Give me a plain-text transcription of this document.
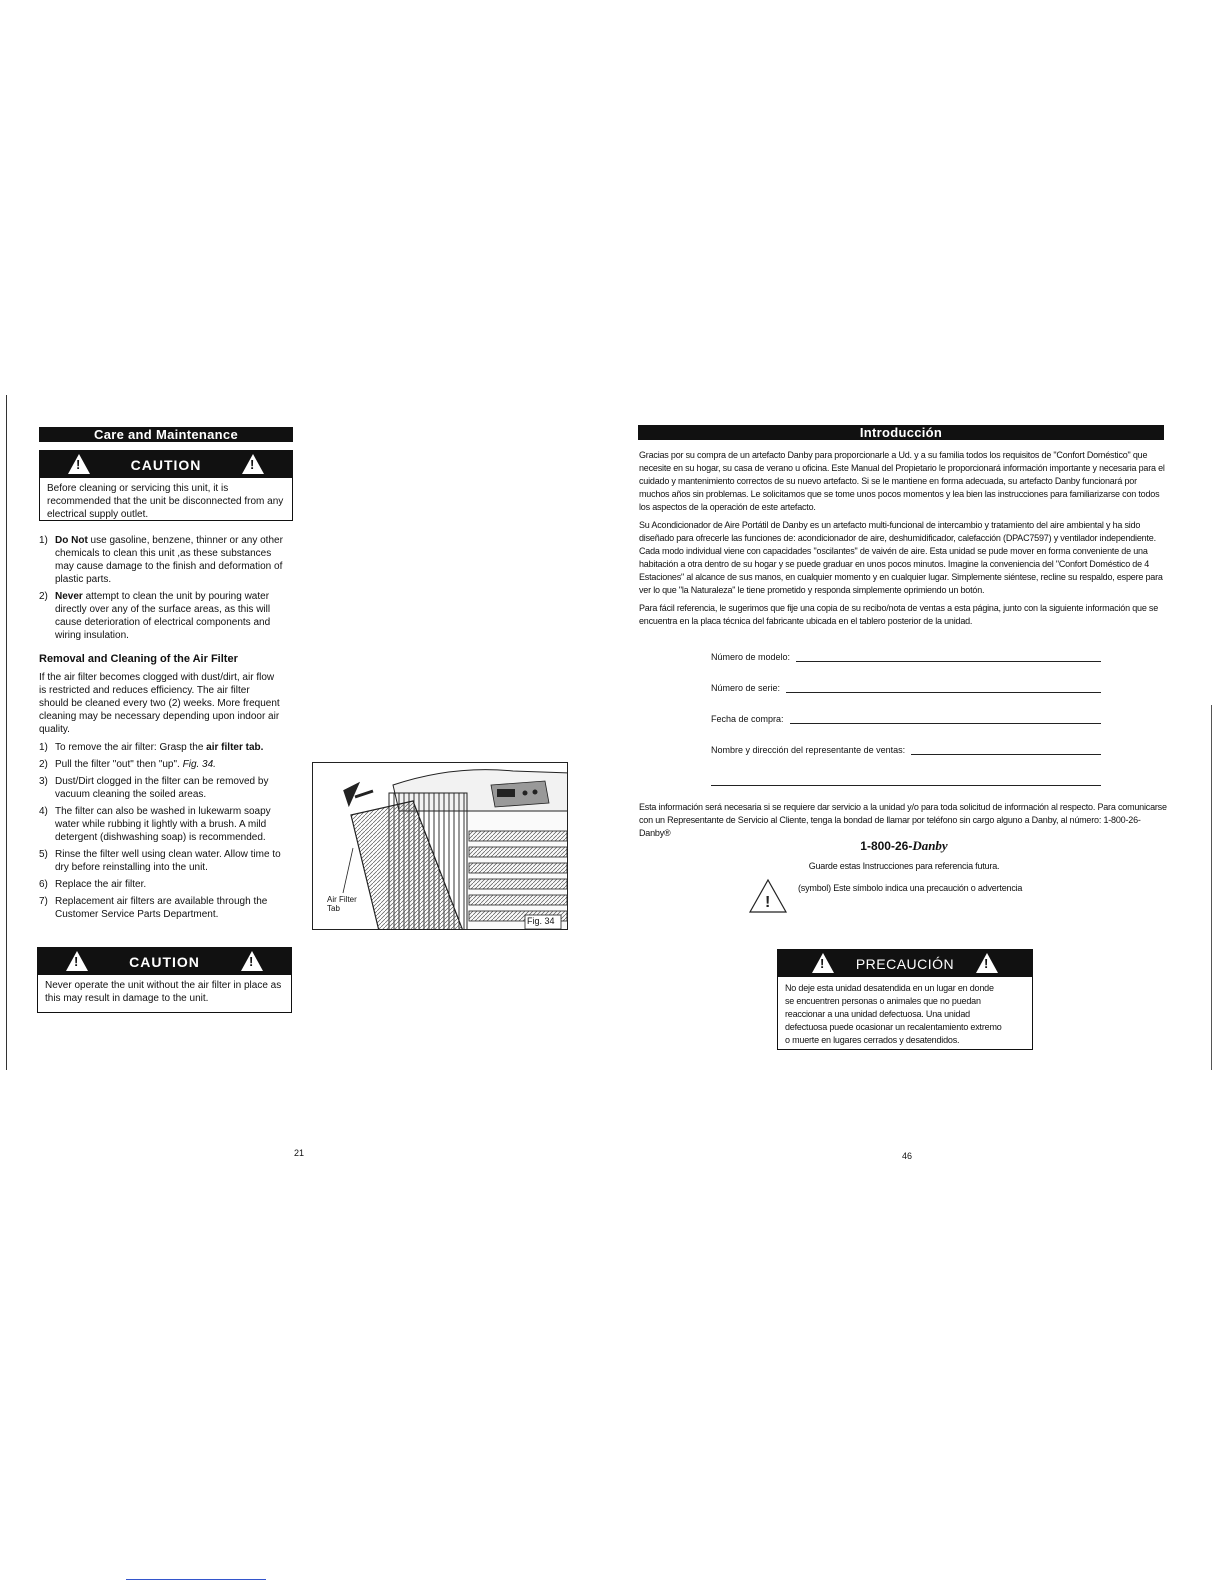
Care and Maintenance
!
CAUTION
!
Before cleaning or servicing this unit, it is recommended that the unit be disconnected from any electrical supply outlet.
1) Do Not use gasoline, benzene, thinner or any other chemicals to clean this unit ,as these substances may cause damage to the finish and deformation of plastic parts.
2) Never attempt to clean the unit by pouring water directly over any of the surface areas, as this will cause deterioration of electrical components and wiring insulation.
Removal and Cleaning of the Air Filter
If the air filter becomes clogged with dust/dirt, air flow is restricted and reduces efficiency. The air filter should be cleaned every two (2) weeks. More frequent cleaning may be necessary depending upon indoor air quality.
1) To remove the air filter: Grasp the air filter tab.
2) Pull the filter "out" then "up". Fig. 34.
3) Dust/Dirt clogged in the filter can be removed by vacuum cleaning the soiled areas.
4) The filter can also be washed in lukewarm soapy water while rubbing it lightly with a brush. A mild detergent (dishwashing soap) is recommended.
5) Rinse the filter well using clean water. Allow time to dry before reinstalling into the unit.
6) Replace the air filter.
7) Replacement air filters are available through the Customer Service Parts Department.
!
CAUTION
!
Never operate the unit without the air filter in place as this may result in damage to the unit.
Air Filter
Tab
Fig. 34
21
Introducción
Gracias por su compra de un artefacto Danby para proporcionarle a Ud. y a su familia todos los requisitos de "Confort Doméstico" que necesite en su hogar, su casa de verano u oficina. Este Manual del Propietario le proporcionará información importante y necesaria para el cuidado y mantenimiento correctos de su nuevo artefacto. Si se le mantiene en forma adecuada, su artefacto Danby funcionará por muchos años sin problemas. Le solicitamos que se tome unos pocos momentos y lea bien las instrucciones para familiarizarse con todos los aspectos de la operación de este artefacto.
Su Acondicionador de Aire Portátil de Danby es un artefacto multi-funcional de intercambio y tratamiento del aire ambiental y ha sido diseñado para ofrecerle las funciones de: acondicionador de aire, deshumidificador, calefacción (DPAC7597) y ventilador independiente. Cada modo individual viene con capacidades "oscilantes" de vaivén de aire. Esta unidad se pude mover en forma conveniente de una habitación a otra dentro de su hogar y se puede graduar en unos pocos minutos. Imagine la conveniencia del "Confort Doméstico de 4 Estaciones" al alcance de sus manos, en cualquier momento y en cualquier lugar. Simplemente siéntese, recline su respaldo, espere para ver lo que "la Naturaleza" le tiene prometido y responda simplemente oprimiendo un botón.
Para fácil referencia, le sugerimos que fije una copia de su recibo/nota de ventas a esta página, junto con la siguiente información que se encuentra en la placa técnica del fabricante ubicada en el tablero posterior de la unidad.
Número de modelo:
Número de serie:
Fecha de compra:
Nombre y dirección del representante de ventas:
Esta información será necesaria si se requiere dar servicio a la unidad y/o para toda solicitud de información al respecto. Para comunicarse con un Representante de Servicio al Cliente, tenga la bondad de llamar por teléfono sin cargo alguno a Danby, al número: 1-800-26-Danby®
1-800-26-Danby
Guarde estas Instrucciones para referencia futura.
!
(symbol) Este símbolo indica una precaución o advertencia
!
PRECAUCIÓN
!
No deje esta unidad desatendida en un lugar en donde se encuentren personas o animales que no puedan reaccionar a una unidad defectuosa. Una unidad defectuosa puede ocasionar un recalentamiento extremo o muerte en lugares cerrados y desatendidos.
46
